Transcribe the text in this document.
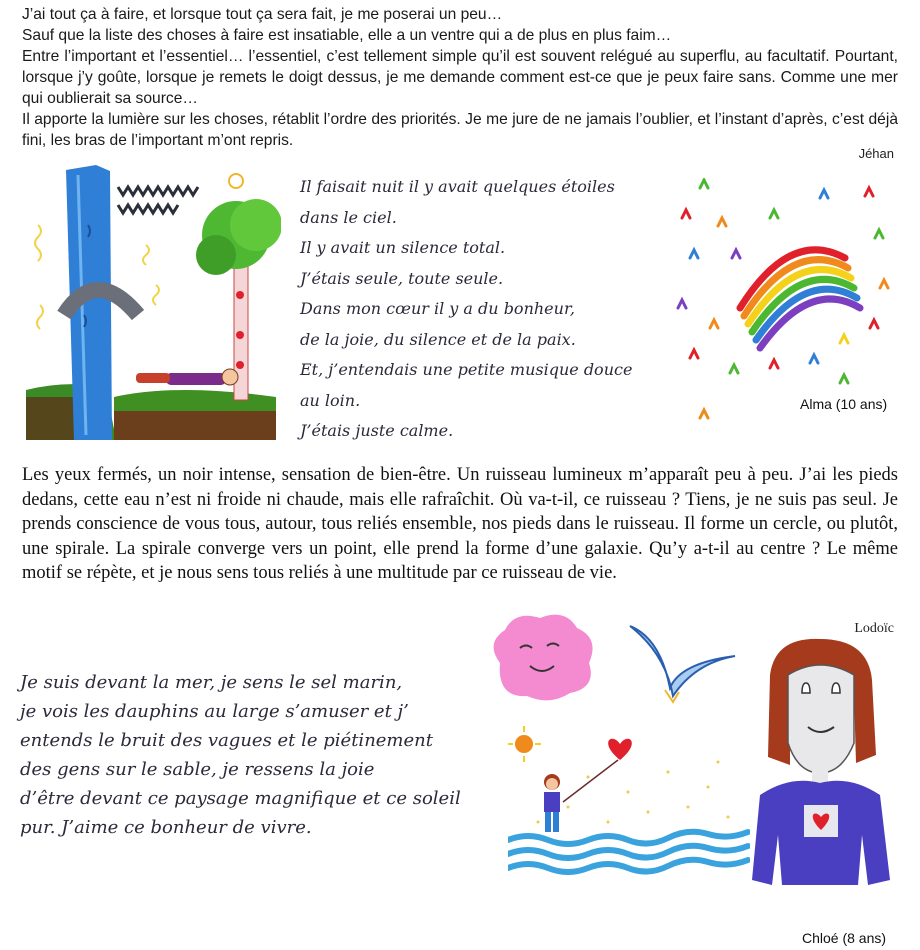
J’ai tout ça à faire, et lorsque tout ça sera fait, je me poserai un peu…

Sauf que la liste des choses à faire est insatiable, elle a un ventre qui a de plus en plus faim…

Entre l’important et l’essentiel… l’essentiel, c’est tellement simple qu’il est souvent relégué au superflu, au facultatif. Pourtant, lorsque j’y goûte, lorsque je remets le doigt dessus, je me demande comment est-ce que je peux faire sans. Comme une mer qui oublierait sa source…

Il apporte la lumière sur les choses, rétablit l’ordre des priorités. Je me jure de ne jamais l’oublier, et l’instant d’après, c’est déjà fini, les bras de l’important m’ont repris.

Jéhan
Il faisait nuit il y avait quelques étoiles
dans le ciel.
Il y avait un silence total.
J’étais seule, toute seule.
Dans mon cœur il y a du bonheur,
de la joie, du silence et de la paix.
Et, j’entendais une petite musique douce
au loin.
J’étais juste calme.
Alma (10 ans)

Les yeux fermés, un noir intense, sensation de bien-être. Un ruisseau lumineux m’apparaît peu à peu. J’ai les pieds dedans, cette eau n’est ni froide ni chaude, mais elle rafraîchit. Où va-t-il, ce ruisseau ? Tiens, je ne suis pas seul. Je prends conscience de vous tous, autour, tous reliés ensemble, nos pieds dans le ruisseau. Il forme un cercle, ou plutôt, une spirale. La spirale converge vers un point, elle prend la forme d’une galaxie. Qu’y a-t-il au centre ? Le même motif se répète, et je nous sens tous reliés à une multitude par ce ruisseau de vie.

Lodoïc
Je suis devant la mer, je sens le sel marin,
je vois les dauphins au large s’amuser et j’
entends le bruit des vagues et le piétinement
des gens sur le sable, je ressens la joie
d’être devant ce paysage magnifique et ce soleil
pur. J’aime ce bonheur de vivre.
Chloé (8 ans)
